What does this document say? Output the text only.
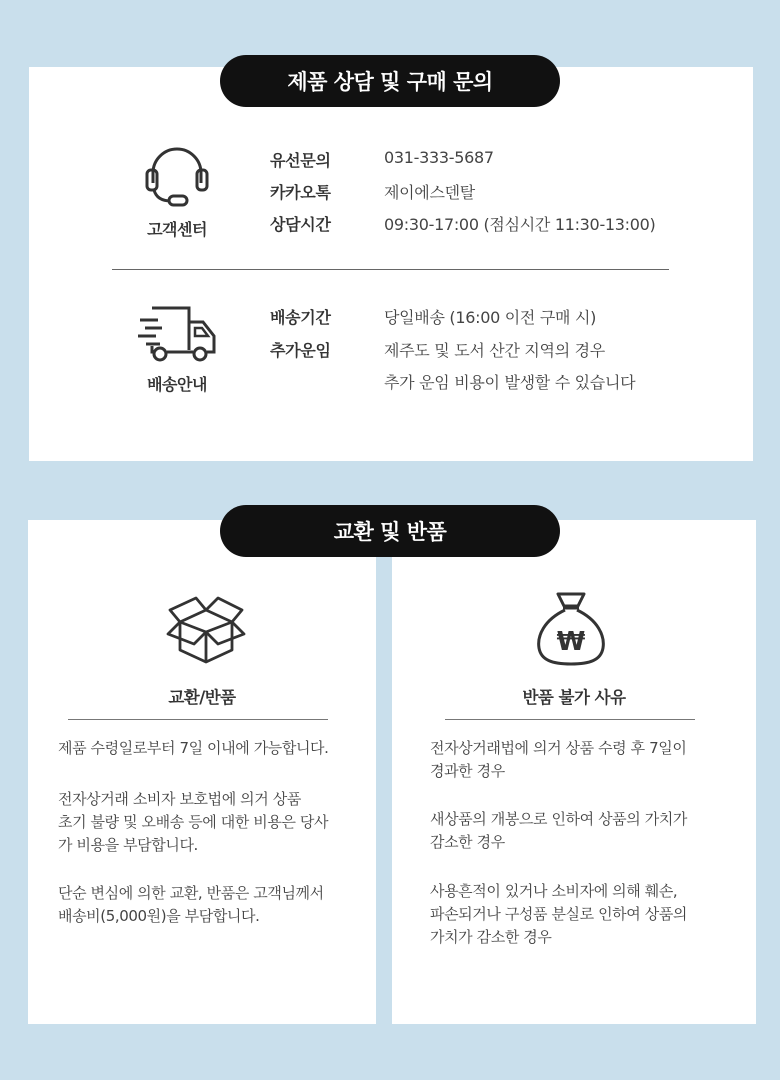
제품 상담 및 구매 문의
고객센터
유선문의	031-333-5687
카카오톡	제이에스덴탈
상담시간	09:30-17:00 (점심시간 11:30-13:00)
배송안내
배송기간	당일배송 (16:00 이전 구매 시)
추가운임	제주도 및 도서 산간 지역의 경우
추가 운임 비용이 발생할 수 있습니다
교환 및 반품
교환/반품

제품 수령일로부터 7일 이내에 가능합니다.

전자상거래 소비자 보호법에 의거 상품
초기 불량 및 오배송 등에 대한 비용은 당사
가 비용을 부담합니다.
단순 변심에 의한 교환, 반품은 고객님께서
배송비(5,000원)을 부담합니다.
₩
반품 불가 사유
전자상거래법에 의거 상품 수령 후 7일이
경과한 경우
새상품의 개봉으로 인하여 상품의 가치가
감소한 경우
사용흔적이 있거나 소비자에 의해 훼손,
파손되거나 구성품 분실로 인하여 상품의
가치가 감소한 경우
